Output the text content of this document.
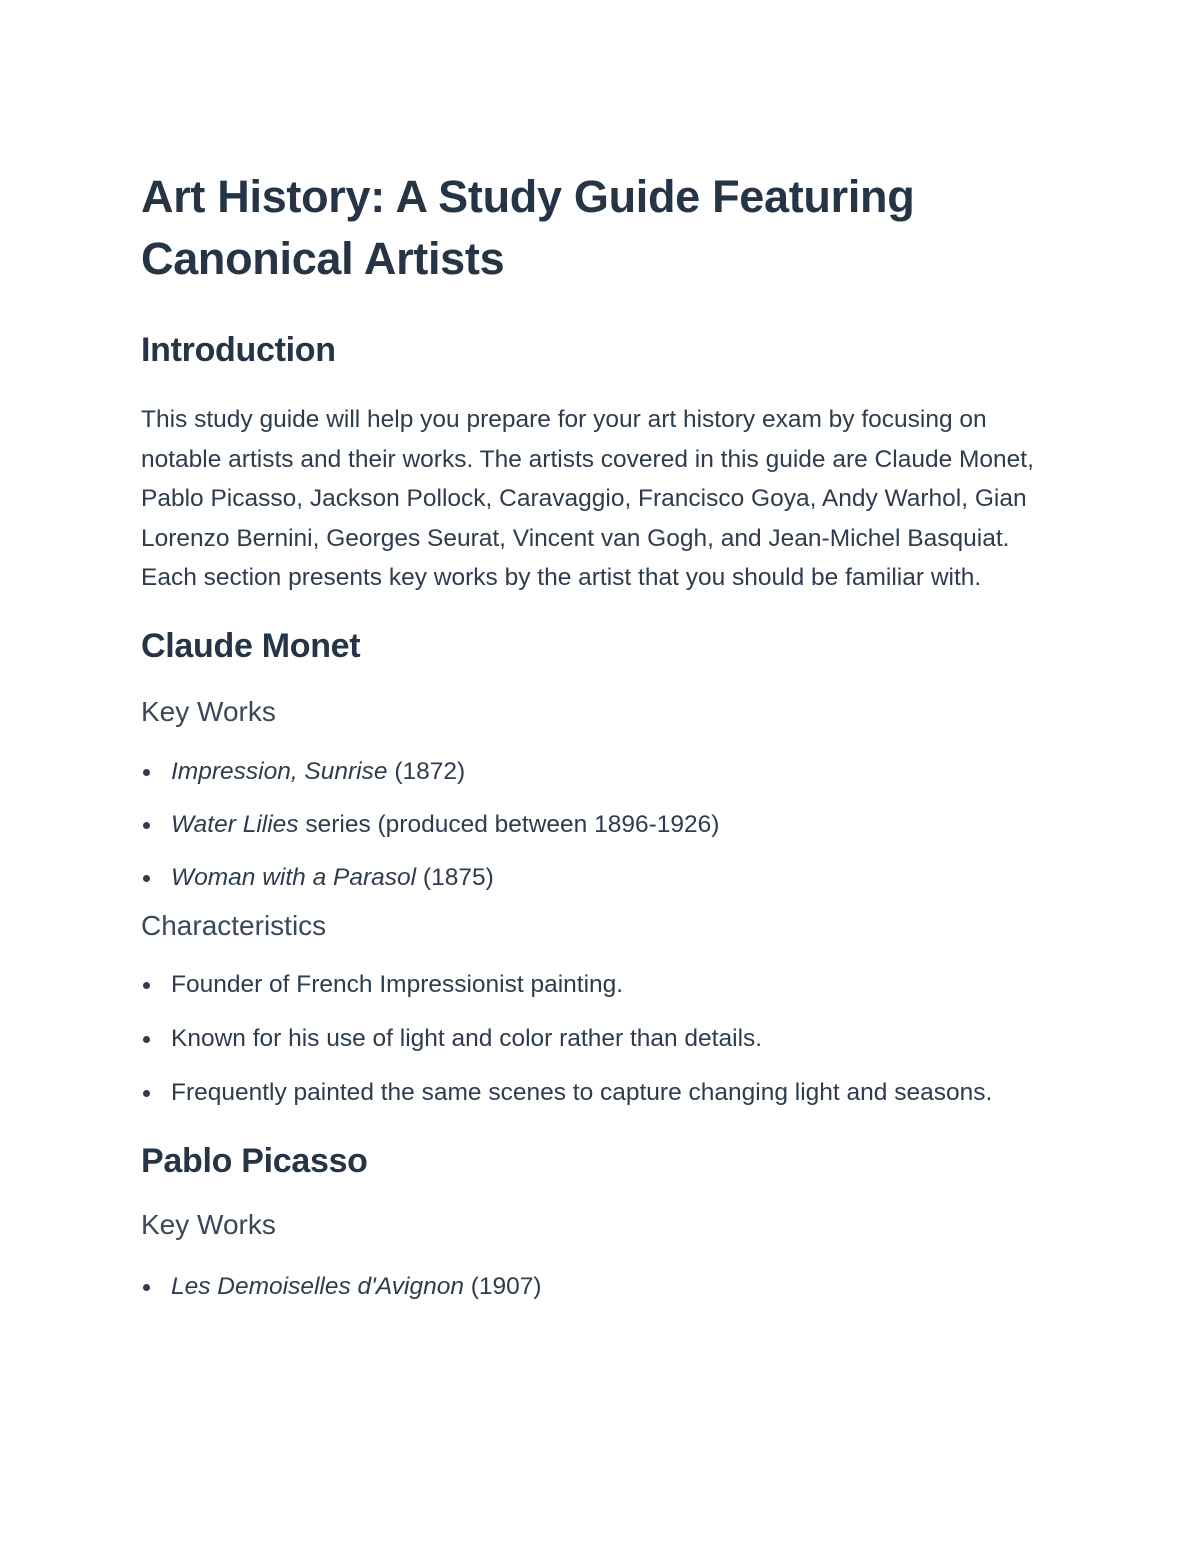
Art History: A Study Guide Featuring Canonical Artists
Introduction

This study guide will help you prepare for your art history exam by focusing on notable artists and their works. The artists covered in this guide are Claude Monet, Pablo Picasso, Jackson Pollock, Caravaggio, Francisco Goya, Andy Warhol, Gian Lorenzo Bernini, Georges Seurat, Vincent van Gogh, and Jean-Michel Basquiat. Each section presents key works by the artist that you should be familiar with.

Claude Monet
Key Works
Impression, Sunrise (1872)
Water Lilies series (produced between 1896-1926)
Woman with a Parasol (1875)
Characteristics
Founder of French Impressionist painting.
Known for his use of light and color rather than details.
Frequently painted the same scenes to capture changing light and seasons.
Pablo Picasso
Key Works
Les Demoiselles d'Avignon (1907)
